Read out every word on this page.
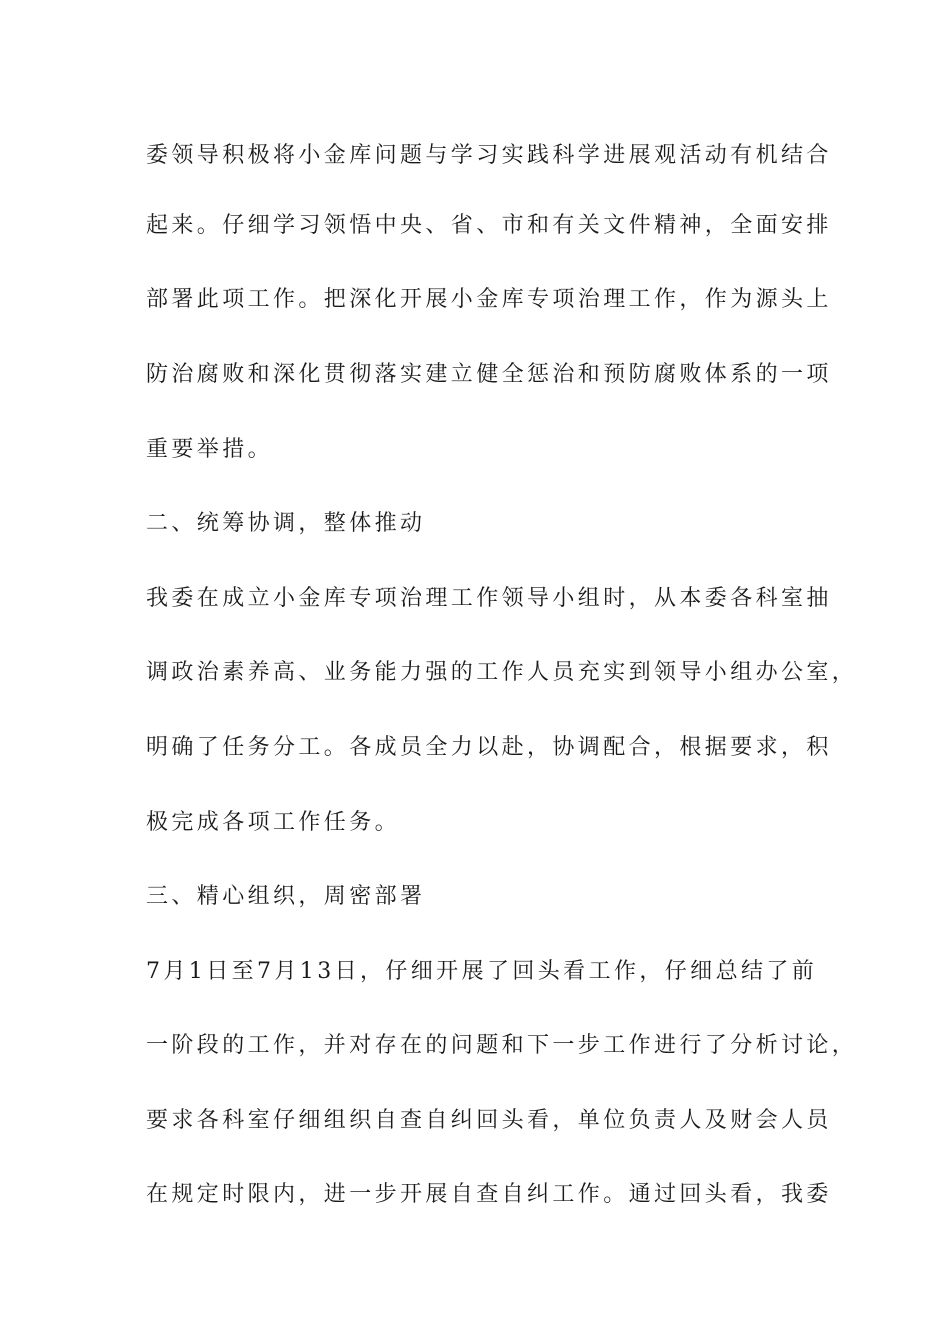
委领导积极将小金库问题与学习实践科学进展观活动有机结合
起来。仔细学习领悟中央、省、市和有关文件精神，全面安排
部署此项工作。把深化开展小金库专项治理工作，作为源头上
防治腐败和深化贯彻落实建立健全惩治和预防腐败体系的一项
重要举措。
二、统筹协调，整体推动
我委在成立小金库专项治理工作领导小组时，从本委各科室抽
调政治素养高、业务能力强的工作人员充实到领导小组办公室，
明确了任务分工。各成员全力以赴，协调配合，根据要求，积
极完成各项工作任务。
三、精心组织，周密部署
7月1日至7月13日，仔细开展了回头看工作，仔细总结了前
一阶段的工作，并对存在的问题和下一步工作进行了分析讨论，
要求各科室仔细组织自查自纠回头看，单位负责人及财会人员
在规定时限内，进一步开展自查自纠工作。通过回头看，我委
